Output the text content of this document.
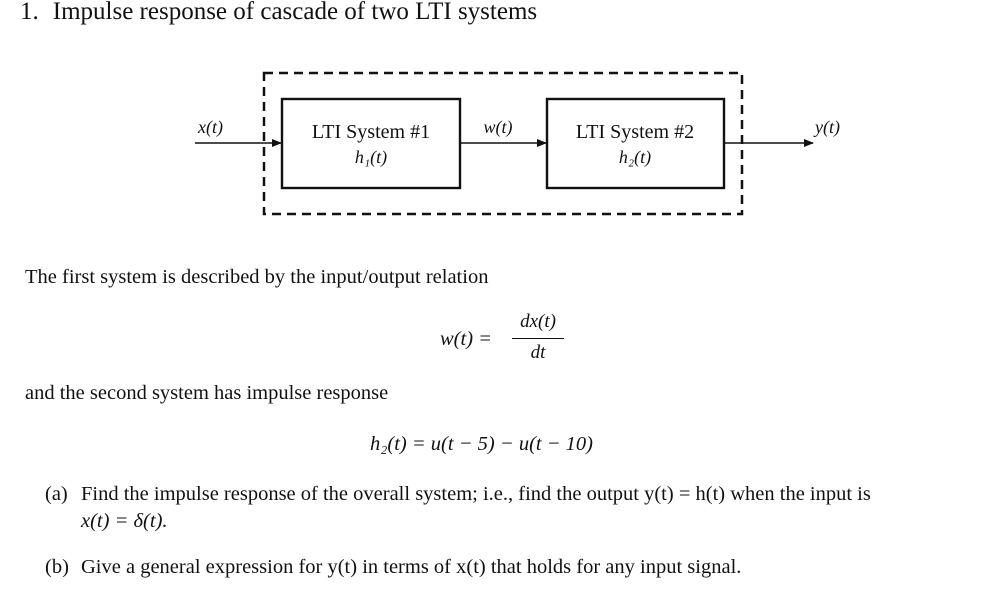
1. Impulse response of cascade of two LTI systems
x(t)	LTI System #1
h₁(t)
w(t)	LTI System #2
h₂(t)
y(t)
The first system is described by the input/output relation
w(t) =
dx(t)
dt
and the second system has impulse response
h₂(t) = u(t − 5) − u(t − 10)
(a) Find the impulse response of the overall system; i.e., find the output y(t) = h(t) when the input is
x(t) = δ(t).
(b) Give a general expression for y(t) in terms of x(t) that holds for any input signal.
